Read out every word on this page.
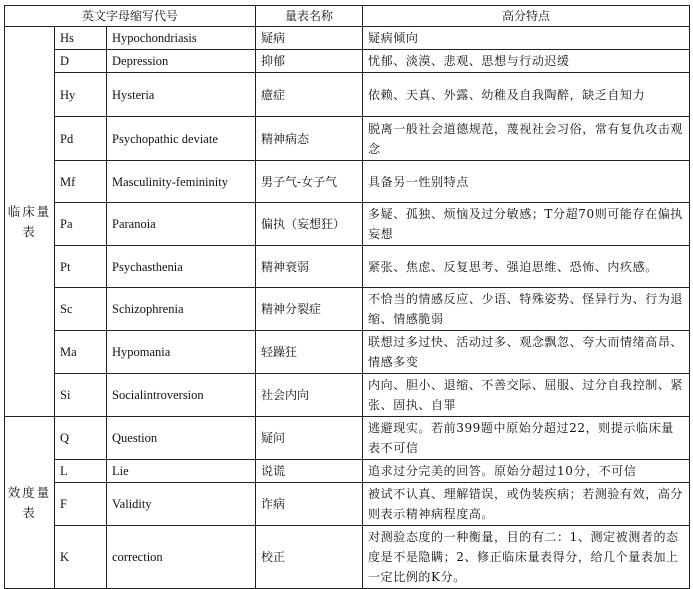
英文字母缩写代号			量表名称	高分特点
临床量表	Hs	Hypochondriasis	疑病	疑病倾向
	D	Depression	抑郁	忧郁、淡漠、悲观、思想与行动迟缓
	Hy	Hysteria	癔症	依赖、天真、外露、幼稚及自我陶醉，缺乏自知力
	Pd	Psychopathic deviate	精神病态	脱离一般社会道德规范，蔑视社会习俗，常有复仇攻击观念
	Mf	Masculinity-femininity	男子气-女子气	具备另一性别特点
	Pa	Paranoia	偏执（妄想狂）	多疑、孤独、烦恼及过分敏感；T分超70则可能存在偏执妄想
	Pt	Psychasthenia	精神衰弱	紧张、焦虑、反复思考、强迫思维、恐怖、内疚感。
	Sc	Schizophrenia	精神分裂症	不恰当的情感反应、少语、特殊姿势、怪异行为、行为退缩、情感脆弱
	Ma	Hypomania	轻躁狂	联想过多过快、活动过多、观念飘忽、夸大而情绪高昂、情感多变
	Si	Socialintroversion	社会内向	内向、胆小、退缩、不善交际、屈服、过分自我控制、紧张、固执、自罪
效度量表	Q	Question	疑问	逃避现实。若前399题中原始分超过22，则提示临床量表不可信
	L	Lie	说谎	追求过分完美的回答。原始分超过10分，不可信
	F	Validity	诈病	被试不认真、理解错误，或伪装疾病；若测验有效，高分则表示精神病程度高。
	K	correction	校正	对测验态度的一种衡量，目的有二：1、测定被测者的态度是不是隐瞒；2、修正临床量表得分，给几个量表加上一定比例的K分。
